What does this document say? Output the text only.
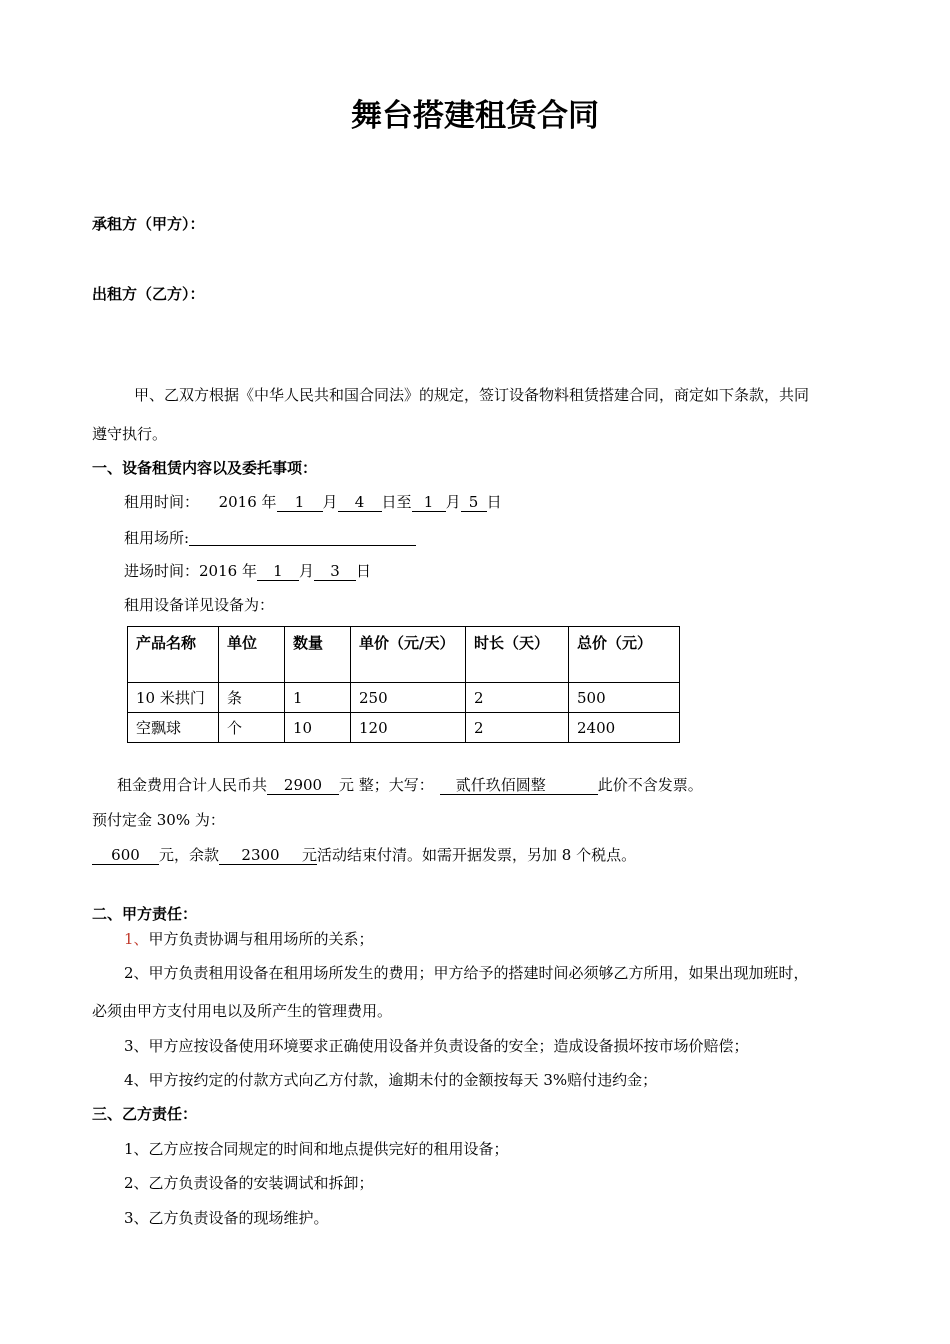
舞台搭建租赁合同
承租方（甲方）：
出租方（乙方）：
甲、乙双方根据《中华人民共和国合同法》的规定，签订设备物料租赁搭建合同，商定如下条款，共同
遵守执行。
一、设备租赁内容以及委托事项：
租用时间： 2016 年 1 月 4 日至 1 月 5 日
租用场所:
进场时间：2016 年 1 月 3 日
租用设备详见设备为：
产品名称	单位	数量	单价（元/天）	时长（天）	总价（元）
10 米拱门	条	1	250	2	500
空飘球	个	10	120	2	2400
租金费用合计人民币共 2900 元 整；大写： 贰仟玖佰圆整	此价不含发票。
预付定金 30% 为：
600 元，余款 2300 元活动结束付清。如需开据发票，另加 8 个税点。
二、甲方责任：
1、甲方负责协调与租用场所的关系；
2、甲方负责租用设备在租用场所发生的费用；甲方给予的搭建时间必须够乙方所用，如果出现加班时，
必须由甲方支付用电以及所产生的管理费用。
3、甲方应按设备使用环境要求正确使用设备并负责设备的安全；造成设备损坏按市场价赔偿；
4、甲方按约定的付款方式向乙方付款，逾期未付的金额按每天 3%赔付违约金；
三、乙方责任：
1、乙方应按合同规定的时间和地点提供完好的租用设备；
2、乙方负责设备的安装调试和拆卸；
3、乙方负责设备的现场维护。
